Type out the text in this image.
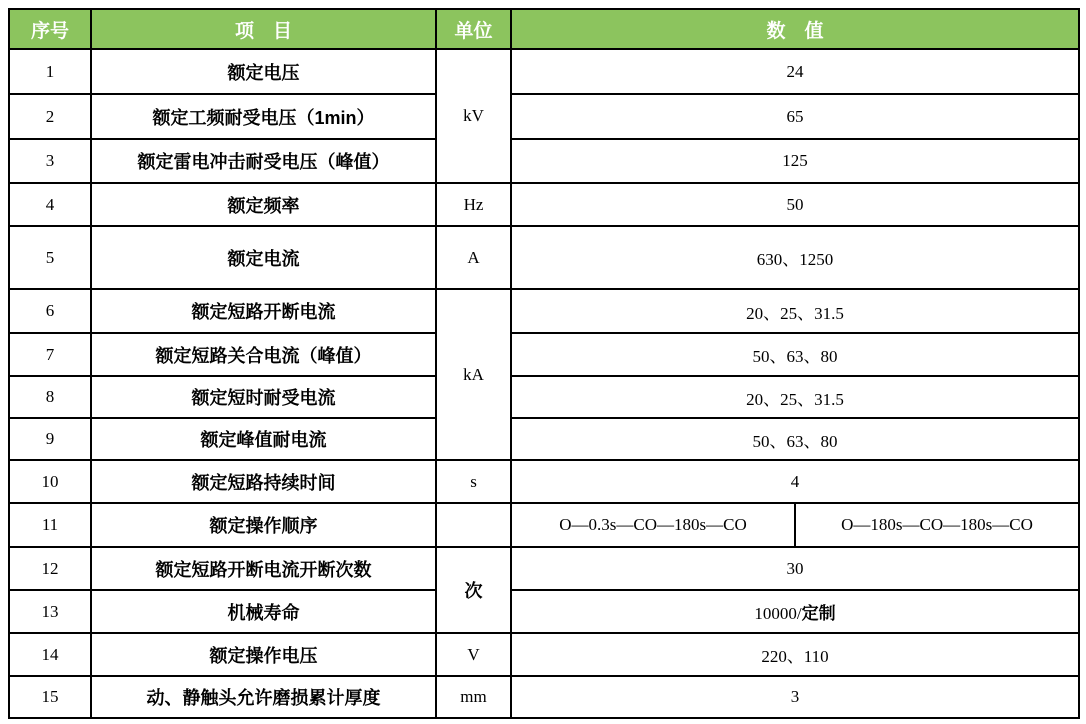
序号	项　目	单位	数　值	
1	额定电压	kV	24	
2	额定工频耐受电压（1min）		65	
3	额定雷电冲击耐受电压（峰值）		125	
4	额定频率	Hz	50	
5	额定电流	A	630、1250	
6	额定短路开断电流	kA	20、25、31.5	
7	额定短路关合电流（峰值）		50、63、80	
8	额定短时耐受电流		20、25、31.5	
9	额定峰值耐电流		50、63、80	
10	额定短路持续时间	s	4	
11	额定操作顺序		O—0.3s—CO—180s—CO	O—180s—CO—180s—CO
12	额定短路开断电流开断次数	次	30	
13	机械寿命		10000/定制	
14	额定操作电压	V	220、110	
15	动、静触头允许磨损累计厚度	mm	3	
